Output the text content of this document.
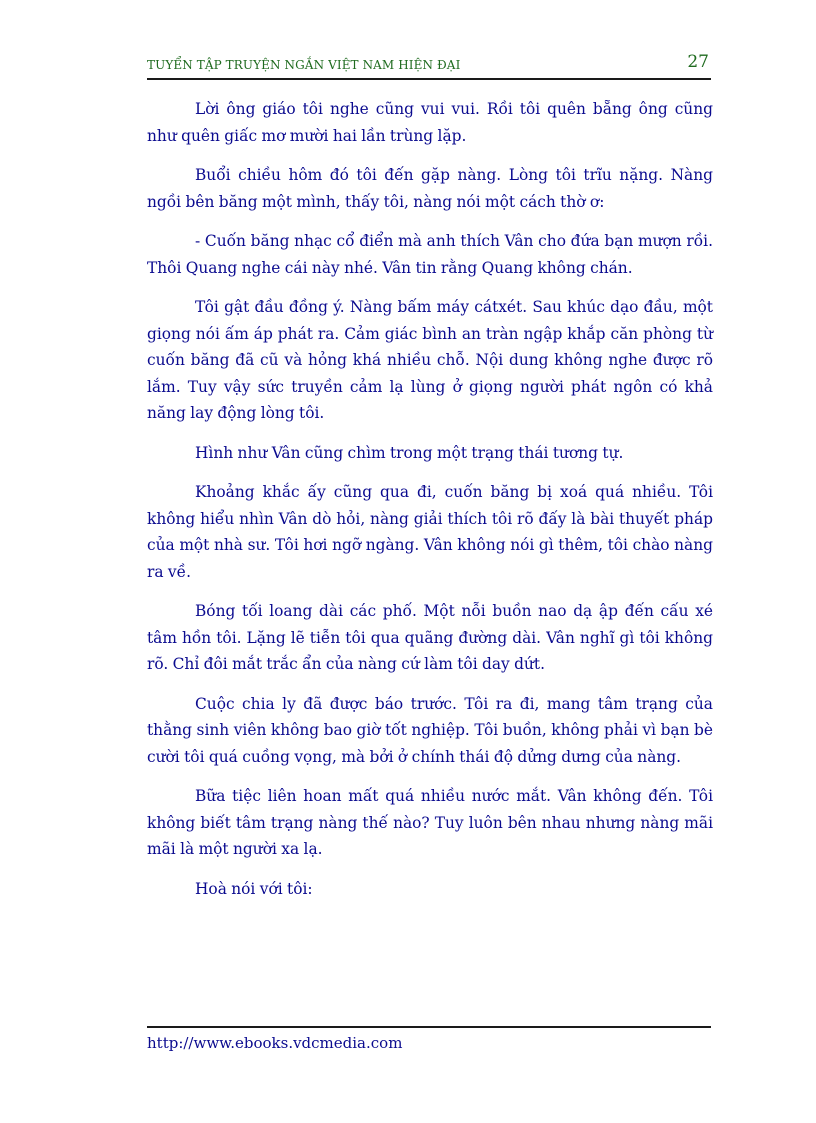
TUYỂN TẬP TRUYỆN NGẮN VIỆT NAM HIỆN ĐẠI	27

Lời ông giáo tôi nghe cũng vui vui. Rồi tôi quên bẵng ông cũng như quên giấc mơ mười hai lần trùng lặp.

Buổi chiều hôm đó tôi đến gặp nàng. Lòng tôi trĩu nặng. Nàng ngồi bên băng một mình, thấy tôi, nàng nói một cách thờ ơ:

- Cuốn băng nhạc cổ điển mà anh thích Vân cho đứa bạn mượn rồi. Thôi Quang nghe cái này nhé. Vân tin rằng Quang không chán.

Tôi gật đầu đồng ý. Nàng bấm máy cátxét. Sau khúc dạo đầu, một giọng nói ấm áp phát ra. Cảm giác bình an tràn ngập khắp căn phòng từ cuốn băng đã cũ và hỏng khá nhiều chỗ. Nội dung không nghe được rõ lắm. Tuy vậy sức truyền cảm lạ lùng ở giọng người phát ngôn có khả năng lay động lòng tôi.

Hình như Vân cũng chìm trong một trạng thái tương tự.

Khoảng khắc ấy cũng qua đi, cuốn băng bị xoá quá nhiều. Tôi không hiểu nhìn Vân dò hỏi, nàng giải thích tôi rõ đấy là bài thuyết pháp của một nhà sư. Tôi hơi ngỡ ngàng. Vân không nói gì thêm, tôi chào nàng ra về.

Bóng tối loang dài các phố. Một nỗi buồn nao dạ ập đến cấu xé tâm hồn tôi. Lặng lẽ tiễn tôi qua quãng đường dài. Vân nghĩ gì tôi không rõ. Chỉ đôi mắt trắc ẩn của nàng cứ làm tôi day dứt.

Cuộc chia ly đã được báo trước. Tôi ra đi, mang tâm trạng của thằng sinh viên không bao giờ tốt nghiệp. Tôi buồn, không phải vì bạn bè cười tôi quá cuồng vọng, mà bởi ở chính thái độ dửng dưng của nàng.

Bữa tiệc liên hoan mất quá nhiều nước mắt. Vân không đến. Tôi không biết tâm trạng nàng thế nào? Tuy luôn bên nhau nhưng nàng mãi mãi là một người xa lạ.

Hoà nói với tôi:

http://www.ebooks.vdcmedia.com
